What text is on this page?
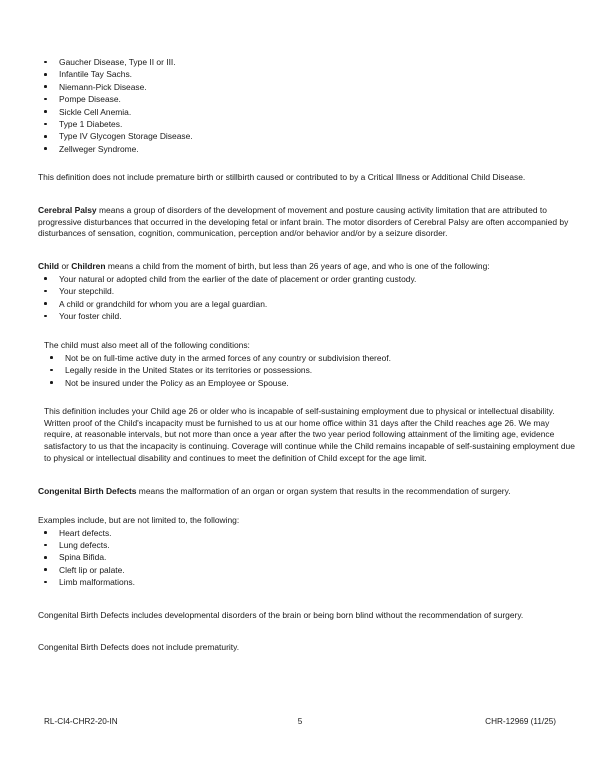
Gaucher Disease, Type II or III.
Infantile Tay Sachs.
Niemann-Pick Disease.
Pompe Disease.
Sickle Cell Anemia.
Type 1 Diabetes.
Type IV Glycogen Storage Disease.
Zellweger Syndrome.

This definition does not include premature birth or stillbirth caused or contributed to by a Critical Illness or Additional Child Disease.

Cerebral Palsy means a group of disorders of the development of movement and posture causing activity limitation that are attributed to progressive disturbances that occurred in the developing fetal or infant brain. The motor disorders of Cerebral Palsy are often accompanied by disturbances of sensation, cognition, communication, perception and/or behavior and/or by a seizure disorder.

Child or Children means a child from the moment of birth, but less than 26 years of age, and who is one of the following:

Your natural or adopted child from the earlier of the date of placement or order granting custody.
Your stepchild.
A child or grandchild for whom you are a legal guardian.
Your foster child.

The child must also meet all of the following conditions:

Not be on full-time active duty in the armed forces of any country or subdivision thereof.
Legally reside in the United States or its territories or possessions.
Not be insured under the Policy as an Employee or Spouse.

This definition includes your Child age 26 or older who is incapable of self-sustaining employment due to physical or intellectual disability. Written proof of the Child's incapacity must be furnished to us at our home office within 31 days after the Child reaches age 26. We may require, at reasonable intervals, but not more than once a year after the two year period following attainment of the limiting age, evidence satisfactory to us that the incapacity is continuing. Coverage will continue while the Child remains incapable of self-sustaining employment due to physical or intellectual disability and continues to meet the definition of Child except for the age limit.

Congenital Birth Defects means the malformation of an organ or organ system that results in the recommendation of surgery.

Examples include, but are not limited to, the following:

Heart defects.
Lung defects.
Spina Bifida.
Cleft lip or palate.
Limb malformations.

Congenital Birth Defects includes developmental disorders of the brain or being born blind without the recommendation of surgery.

Congenital Birth Defects does not include prematurity.

RL-CI4-CHR2-20-IN	5	CHR-12969 (11/25)
